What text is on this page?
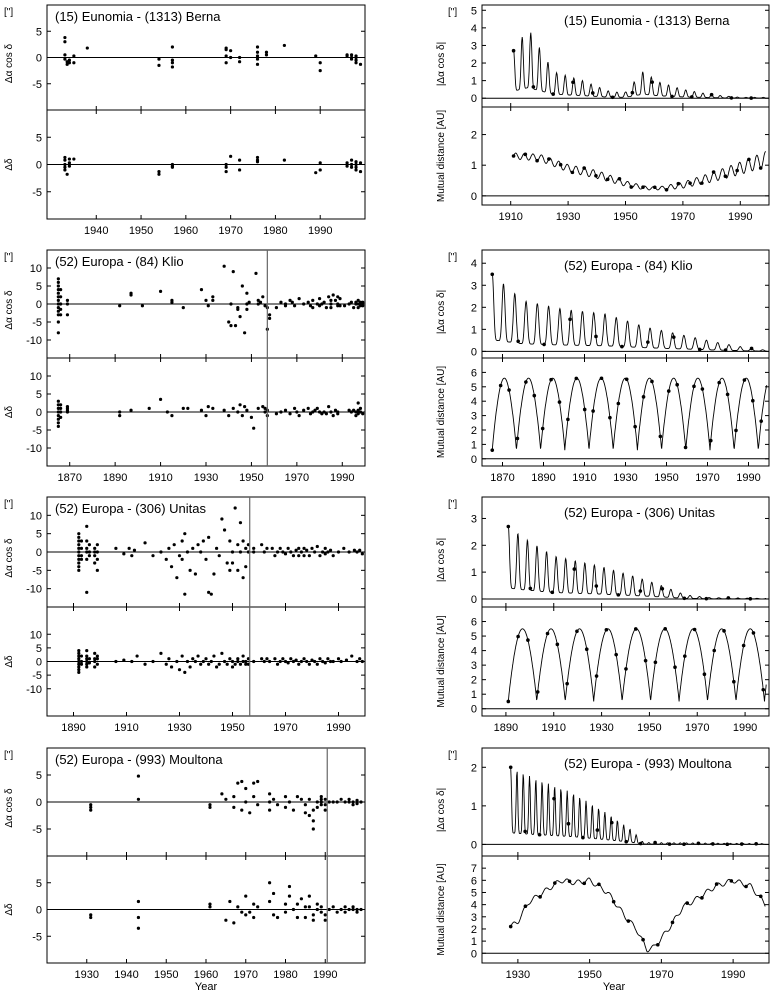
5
0
-5
5
0
-5
1940 1950 1960 1970 1980 1990
(15) Eunomia - (1313) Berna
["]
Δα cos δ
Δδ
10
5
0
-5
-10
10
5
0
-5
-10
1870 1890 1910 1930 1950 1970 1990
(52) Europa - (84) Klio
["]
Δα cos δ
Δδ
10
5
0
-5
-10
10
5
0
-5
-10
1890	1910	1930	1950	1970	1990
(52) Europa - (306) Unitas
["]
Δα cos δ
Δδ
5
0
-5
5
0
-5
1930 1940 1950 1960 1970 1980 1990
(52) Europa - (993) Moultona
["]
Δα cos δ
Δδ
0
1
2
3
4
5
0
1
2
1910	1930	1950	1970	1990
(15) Eunomia - (1313) Berna
["]
|Δα cos δ|
Mutual distance [AU]
0
1
2
3
4
0
1
2
3
4
5
6
1870 1890 1910 1930 1950 1970 1990
(52) Europa - (84) Klio
["]
|Δα cos δ|
Mutual distance [AU]
0
1
2
3
0
1
2
3
4
5
6
1890 1910 1930 1950 1970 1990
(52) Europa - (306) Unitas
["]
|Δα cos δ|
Mutual distance [AU]
0
1
2
0
1
2
3
4
5
6
7
1930	1950	1970	1990
(52) Europa - (993) Moultona
["]
|Δα cos δ|
Mutual distance [AU]
Year	Year
